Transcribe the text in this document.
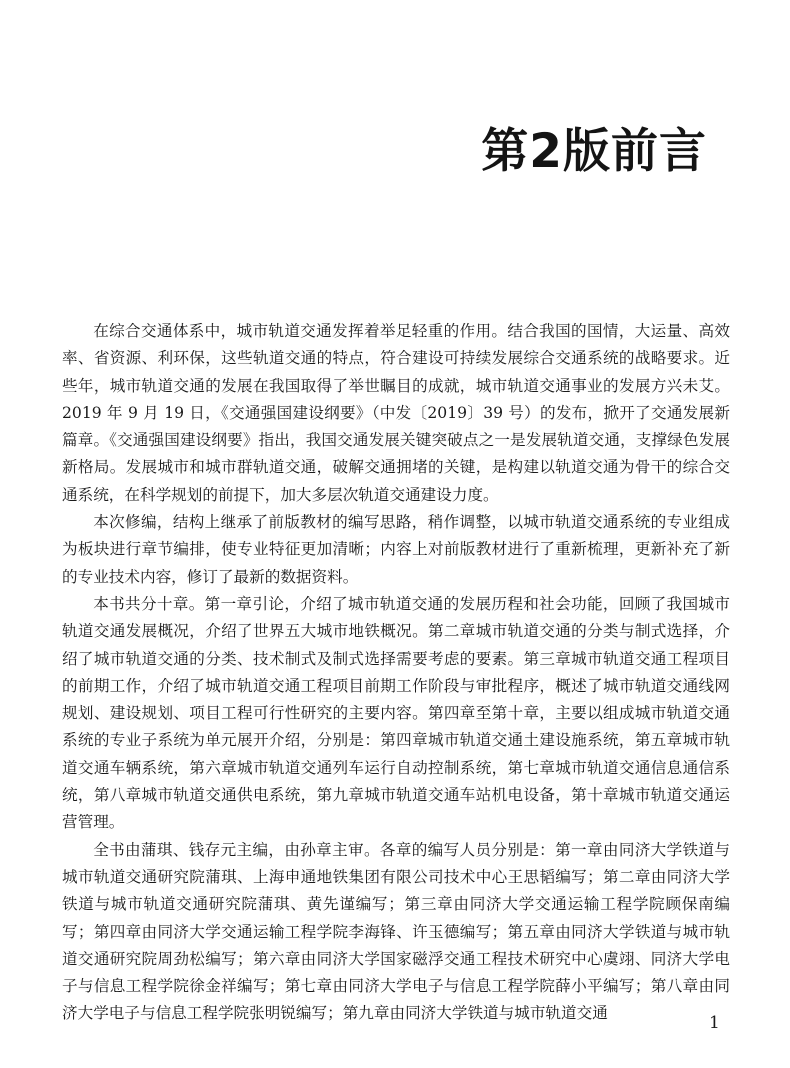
第2版前言

在综合交通体系中，城市轨道交通发挥着举足轻重的作用。结合我国的国情，大运量、高效率、省资源、利环保，这些轨道交通的特点，符合建设可持续发展综合交通系统的战略要求。近些年，城市轨道交通的发展在我国取得了举世瞩目的成就，城市轨道交通事业的发展方兴未艾。2019 年 9 月 19 日，《交通强国建设纲要》（中发〔2019〕39 号）的发布，掀开了交通发展新篇章。《交通强国建设纲要》指出，我国交通发展关键突破点之一是发展轨道交通，支撑绿色发展新格局。发展城市和城市群轨道交通，破解交通拥堵的关键，是构建以轨道交通为骨干的综合交通系统，在科学规划的前提下，加大多层次轨道交通建设力度。

本次修编，结构上继承了前版教材的编写思路，稍作调整，以城市轨道交通系统的专业组成为板块进行章节编排，使专业特征更加清晰；内容上对前版教材进行了重新梳理，更新补充了新的专业技术内容，修订了最新的数据资料。

本书共分十章。第一章引论，介绍了城市轨道交通的发展历程和社会功能，回顾了我国城市轨道交通发展概况，介绍了世界五大城市地铁概况。第二章城市轨道交通的分类与制式选择，介绍了城市轨道交通的分类、技术制式及制式选择需要考虑的要素。第三章城市轨道交通工程项目的前期工作，介绍了城市轨道交通工程项目前期工作阶段与审批程序，概述了城市轨道交通线网规划、建设规划、项目工程可行性研究的主要内容。第四章至第十章，主要以组成城市轨道交通系统的专业子系统为单元展开介绍，分别是：第四章城市轨道交通土建设施系统，第五章城市轨道交通车辆系统，第六章城市轨道交通列车运行自动控制系统，第七章城市轨道交通信息通信系统，第八章城市轨道交通供电系统，第九章城市轨道交通车站机电设备，第十章城市轨道交通运营管理。

全书由蒲琪、钱存元主编，由孙章主审。各章的编写人员分别是：第一章由同济大学铁道与城市轨道交通研究院蒲琪、上海申通地铁集团有限公司技术中心王思韬编写；第二章由同济大学铁道与城市轨道交通研究院蒲琪、黄先谨编写；第三章由同济大学交通运输工程学院顾保南编写；第四章由同济大学交通运输工程学院李海锋、许玉德编写；第五章由同济大学铁道与城市轨道交通研究院周劲松编写；第六章由同济大学国家磁浮交通工程技术研究中心虞翊、同济大学电子与信息工程学院徐金祥编写；第七章由同济大学电子与信息工程学院薛小平编写；第八章由同济大学电子与信息工程学院张明锐编写；第九章由同济大学铁道与城市轨道交通	1
